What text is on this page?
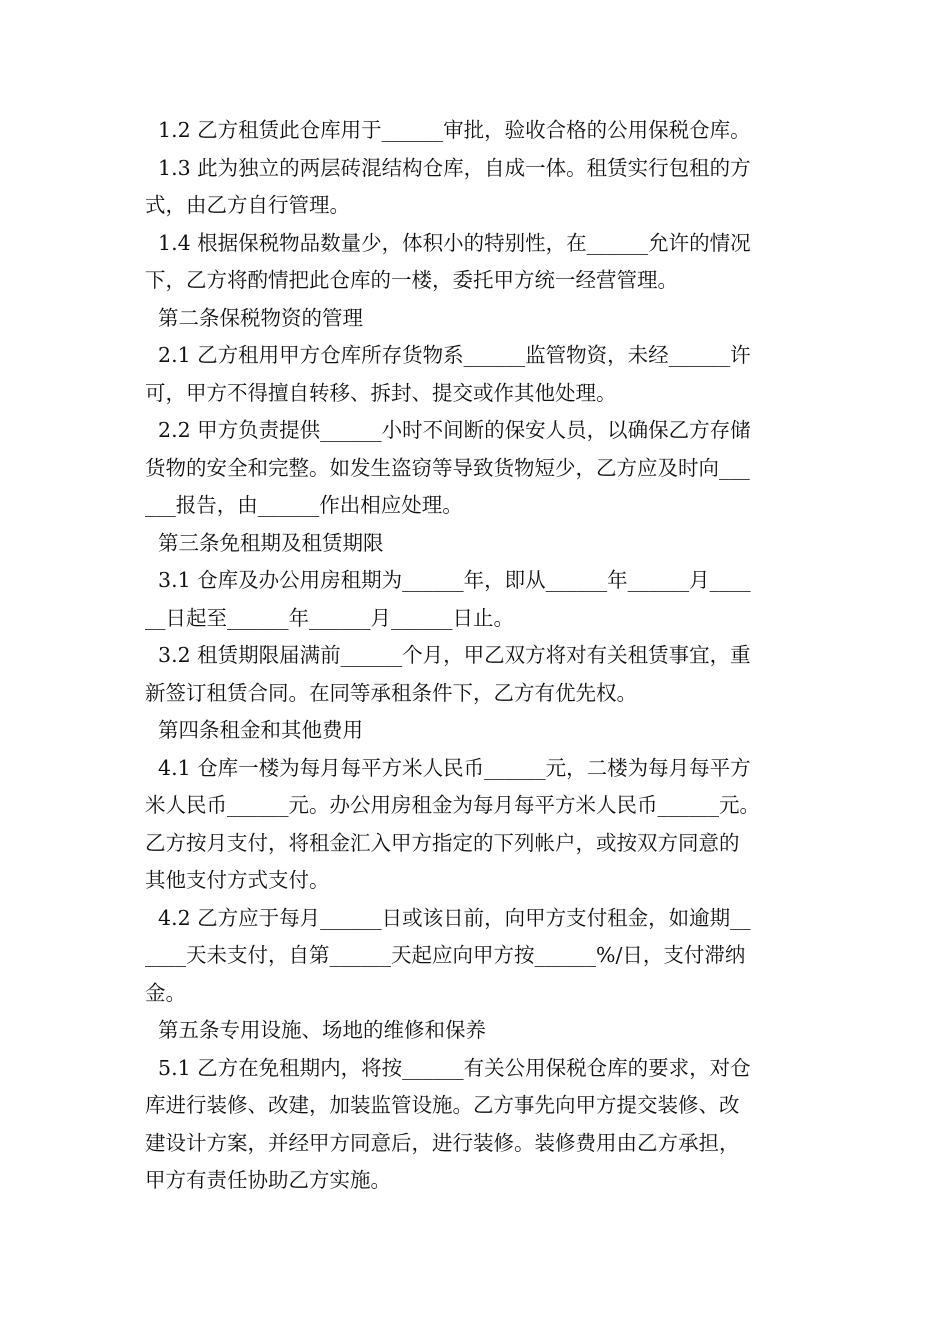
1.2 乙方租赁此仓库用于______审批，验收合格的公用保税仓库。
1.3 此为独立的两层砖混结构仓库，自成一体。租赁实行包租的方
式，由乙方自行管理。
1.4 根据保税物品数量少，体积小的特别性，在______允许的情况
下，乙方将酌情把此仓库的一楼，委托甲方统一经营管理。
第二条保税物资的管理
2.1 乙方租用甲方仓库所存货物系______监管物资，未经______许
可，甲方不得擅自转移、拆封、提交或作其他处理。
2.2 甲方负责提供______小时不间断的保安人员，以确保乙方存储
货物的安全和完整。如发生盗窃等导致货物短少，乙方应及时向___
___报告，由______作出相应处理。
第三条免租期及租赁期限
3.1 仓库及办公用房租期为______年，即从______年______月____
__日起至______年______月______日止。
3.2 租赁期限届满前______个月，甲乙双方将对有关租赁事宜，重
新签订租赁合同。在同等承租条件下，乙方有优先权。
第四条租金和其他费用
4.1 仓库一楼为每月每平方米人民币______元，二楼为每月每平方
米人民币______元。办公用房租金为每月每平方米人民币______元。
乙方按月支付，将租金汇入甲方指定的下列帐户，或按双方同意的
其他支付方式支付。
4.2 乙方应于每月______日或该日前，向甲方支付租金，如逾期__
____天未支付，自第______天起应向甲方按______%/日，支付滞纳
金。
第五条专用设施、场地的维修和保养
5.1 乙方在免租期内，将按______有关公用保税仓库的要求，对仓
库进行装修、改建，加装监管设施。乙方事先向甲方提交装修、改
建设计方案，并经甲方同意后，进行装修。装修费用由乙方承担，
甲方有责任协助乙方实施。
